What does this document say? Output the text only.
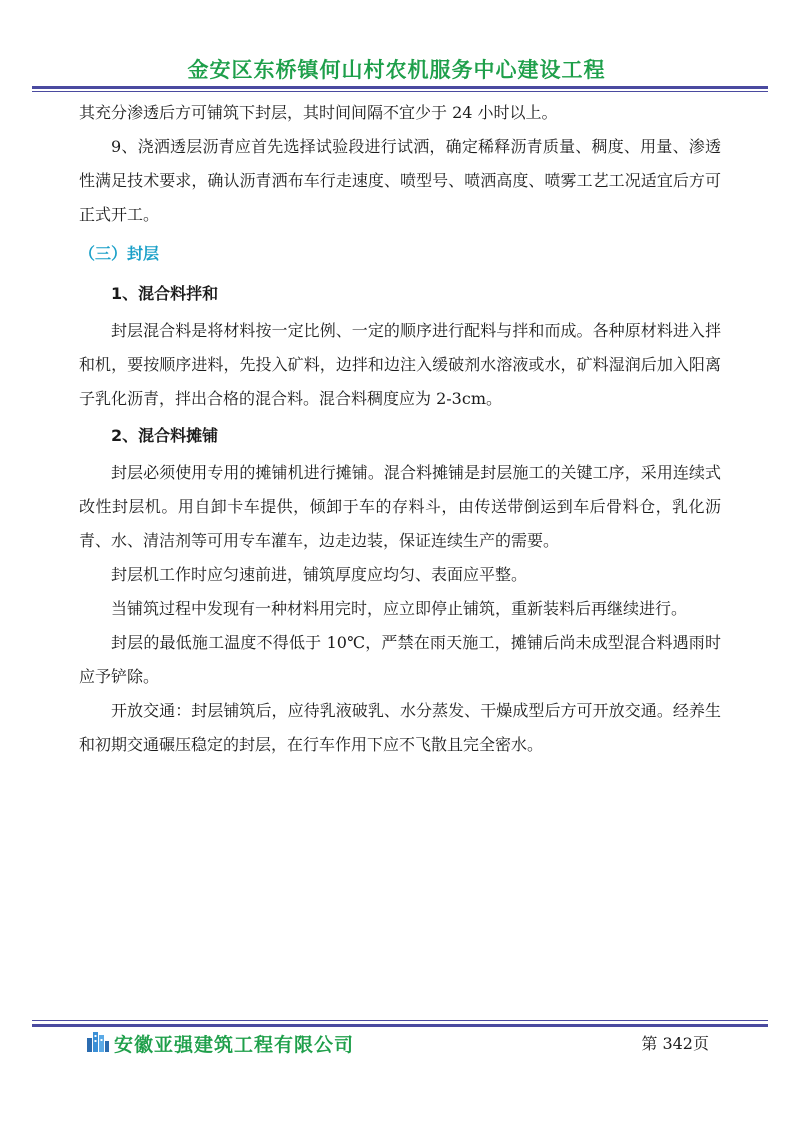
金安区东桥镇何山村农机服务中心建设工程

其充分渗透后方可铺筑下封层，其时间间隔不宜少于 24 小时以上。

9、浇洒透层沥青应首先选择试验段进行试洒，确定稀释沥青质量、稠度、用量、渗透性满足技术要求，确认沥青洒布车行走速度、喷型号、喷洒高度、喷雾工艺工况适宜后方可正式开工。

（三）封层

1、混合料拌和

封层混合料是将材料按一定比例、一定的顺序进行配料与拌和而成。各种原材料进入拌和机，要按顺序进料，先投入矿料，边拌和边注入缓破剂水溶液或水，矿料湿润后加入阳离子乳化沥青，拌出合格的混合料。混合料稠度应为 2-3cm。

2、混合料摊铺

封层必须使用专用的摊铺机进行摊铺。混合料摊铺是封层施工的关键工序，采用连续式改性封层机。用自卸卡车提供，倾卸于车的存料斗，由传送带倒运到车后骨料仓，乳化沥青、水、清洁剂等可用专车灌车，边走边装，保证连续生产的需要。

封层机工作时应匀速前进，铺筑厚度应均匀、表面应平整。

当铺筑过程中发现有一种材料用完时，应立即停止铺筑，重新装料后再继续进行。

封层的最低施工温度不得低于 10℃，严禁在雨天施工，摊铺后尚未成型混合料遇雨时应予铲除。

开放交通：封层铺筑后，应待乳液破乳、水分蒸发、干燥成型后方可开放交通。经养生和初期交通碾压稳定的封层，在行车作用下应不飞散且完全密水。

安徽亚强建筑工程有限公司	第 342页
